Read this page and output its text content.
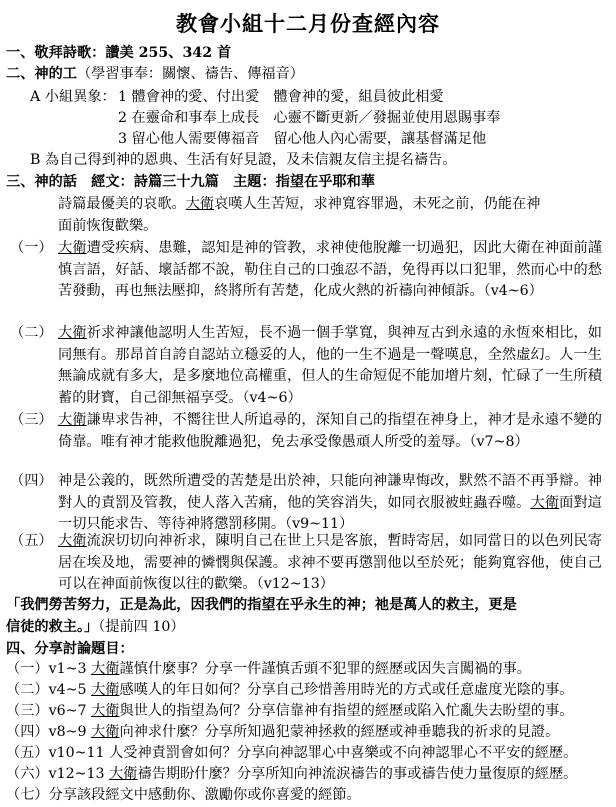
教會小組十二月份查經內容
一、敬拜詩歌：讚美 255、342 首
二、神的工（學習事奉：關懷、禱告、傳福音）
A 小組異象： 1 體會神的愛、付出愛　體會神的愛，組員彼此相愛
2 在靈命和事奉上成長　心靈不斷更新／發掘並使用恩賜事奉
3 留心他人需要傳福音　留心他人內心需要，讓基督滿足他
B 為自己得到神的恩典、生活有好見證，及未信親友信主提名禱告。
三、神的話　 經文：詩篇三十九篇　 主題：指望在乎耶和華
詩篇最優美的哀歌。大衛哀嘆人生苦短，求神寬容罪過，未死之前，仍能在神
面前恢復歡樂。
（一） 大衛遭受疾病、患難，認知是神的管教，求神使他脫離一切過犯，因此大衛在神面前謹慎言語，好話、壞話都不說，勒住自己的口強忍不語，免得再以口犯罪，然而心中的愁苦發動，再也無法壓抑，終將所有苦楚，化成火熱的祈禱向神傾訴。（v4~6）
（二） 大衛祈求神讓他認明人生苦短，長不過一個手掌寬，與神亙古到永遠的永恆來相比，如同無有。那昂首自誇自認站立穩妥的人，他的一生不過是一聲嘆息，全然虛幻。人一生無論成就有多大，是多麼地位高權重，但人的生命短促不能加增片刻，忙碌了一生所積蓄的財寶，自己卻無福享受。（v4~6）
（三） 大衛謙卑求告神，不嚮往世人所追尋的，深知自己的指望在神身上，神才是永遠不變的倚靠。唯有神才能救他脫離過犯，免去承受像愚頑人所受的羞辱。（v7~8）
（四） 神是公義的，既然所遭受的苦楚是出於神，只能向神謙卑悔改，默然不語不再爭辯。神對人的責罰及管教，使人落入苦痛，他的笑容消失，如同衣服被蛀蟲吞噬。大衛面對這一切只能求告、等待神將懲罰移開。（v9~11）
（五） 大衛流淚切切向神祈求，陳明自己在世上只是客旅，暫時寄居，如同當日的以色列民寄居在埃及地，需要神的憐憫與保護。求神不要再懲罰他以至於死；能夠寬容他，使自己可以在神面前恢復以往的歡樂。（v12~13）
「我們勞苦努力，正是為此，因我們的指望在乎永生的神；祂是萬人的救主，更是
信徒的救主。」（提前四 10）
四、分享討論題目：
（一）v1~3 大衛謹慎什麼事？分享一件謹慎舌頭不犯罪的經歷或因失言闖禍的事。
（二）v4~5 大衛感嘆人的年日如何？分享自己珍惜善用時光的方式或任意虛度光陰的事。
（三）v6~7 大衛與世人的指望為何？分享信靠神有指望的經歷或陷入忙亂失去盼望的事。
（四）v8~9 大衛向神求什麼？分享所知過犯蒙神拯救的經歷或神垂聽我的祈求的見證。
（五）v10~11 人受神責罰會如何？分享向神認罪心中喜樂或不向神認罪心不平安的經歷。
（六）v12~13 大衛禱告期盼什麼？分享所知向神流淚禱告的事或禱告使力量復原的經歷。
（七）分享該段經文中感動你、激勵你或你喜愛的經節。
